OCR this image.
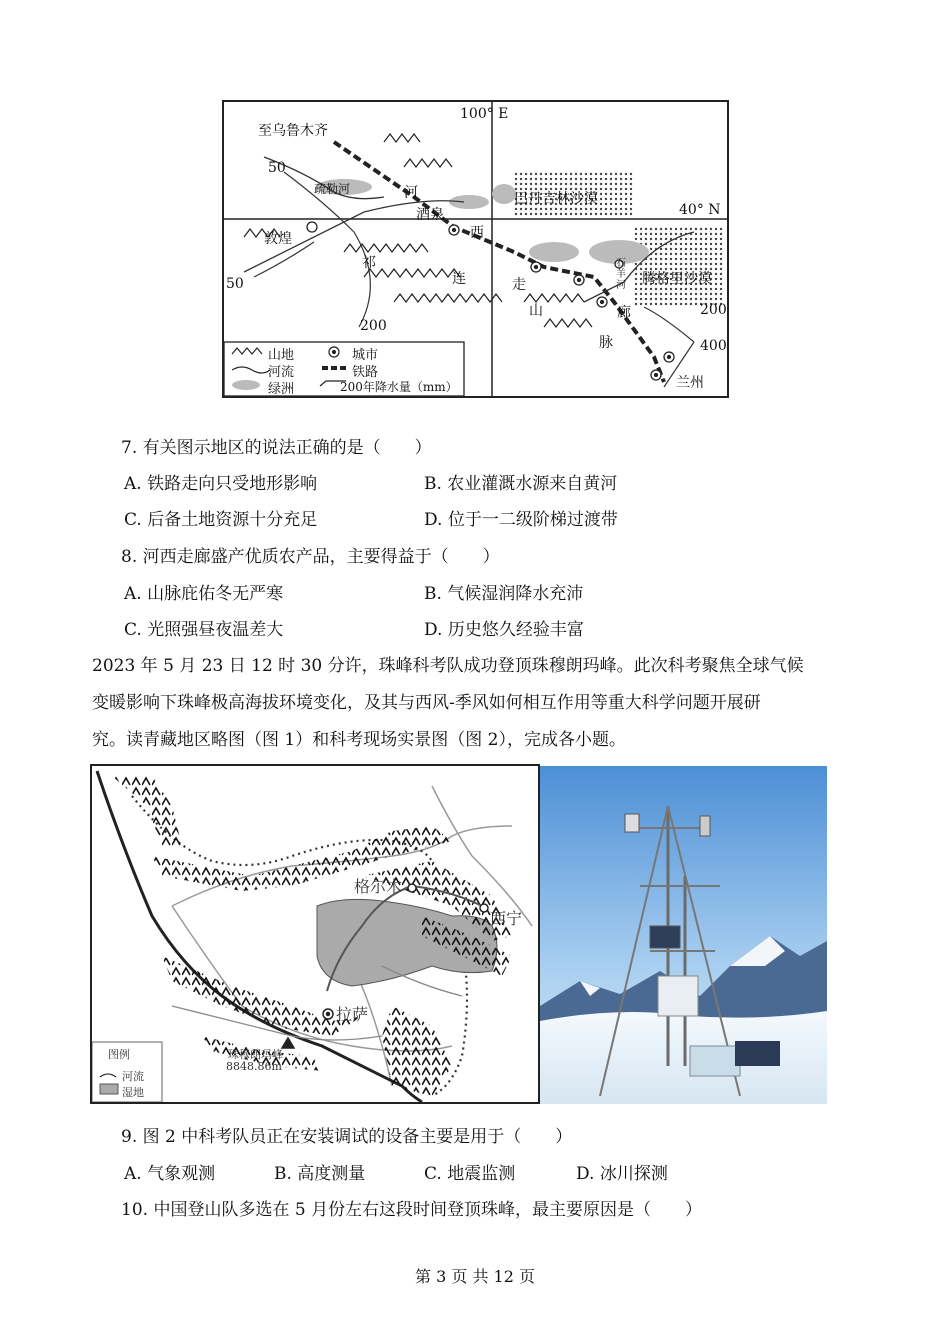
100° E
40° N
至乌鲁木齐
疏勒河	河
酒泉
西
敦煌
祁
连	走
山	廊
脉
巴丹吉林沙漠
腾格里沙漠
石羊河
兰州
50
50
200
200
400
山地
河流
绿洲
城市
铁路
200年降水量（mm）
7. 有关图示地区的说法正确的是（　　）
A. 铁路走向只受地形影响	B. 农业灌溉水源来自黄河
C. 后备土地资源十分充足	D. 位于一二级阶梯过渡带
8. 河西走廊盛产优质农产品，主要得益于（　　）
A. 山脉庇佑冬无严寒	B. 气候湿润降水充沛
C. 光照强昼夜温差大	D. 历史悠久经验丰富
2023 年 5 月 23 日 12 时 30 分许，珠峰科考队成功登顶珠穆朗玛峰。此次科考聚焦全球气候
变暖影响下珠峰极高海拔环境变化，及其与西风-季风如何相互作用等重大科学问题开展研
究。读青藏地区略图（图 1）和科考现场实景图（图 2），完成各小题。
格尔木
西宁
拉萨
珠穆朗玛峰
8848.86m
图例
河流
湿地
9. 图 2 中科考队员正在安装调试的设备主要是用于（　　）
A. 气象观测	B. 高度测量	C. 地震监测	D. 冰川探测
10. 中国登山队多选在 5 月份左右这段时间登顶珠峰，最主要原因是（　　）
第 3 页 共 12 页
